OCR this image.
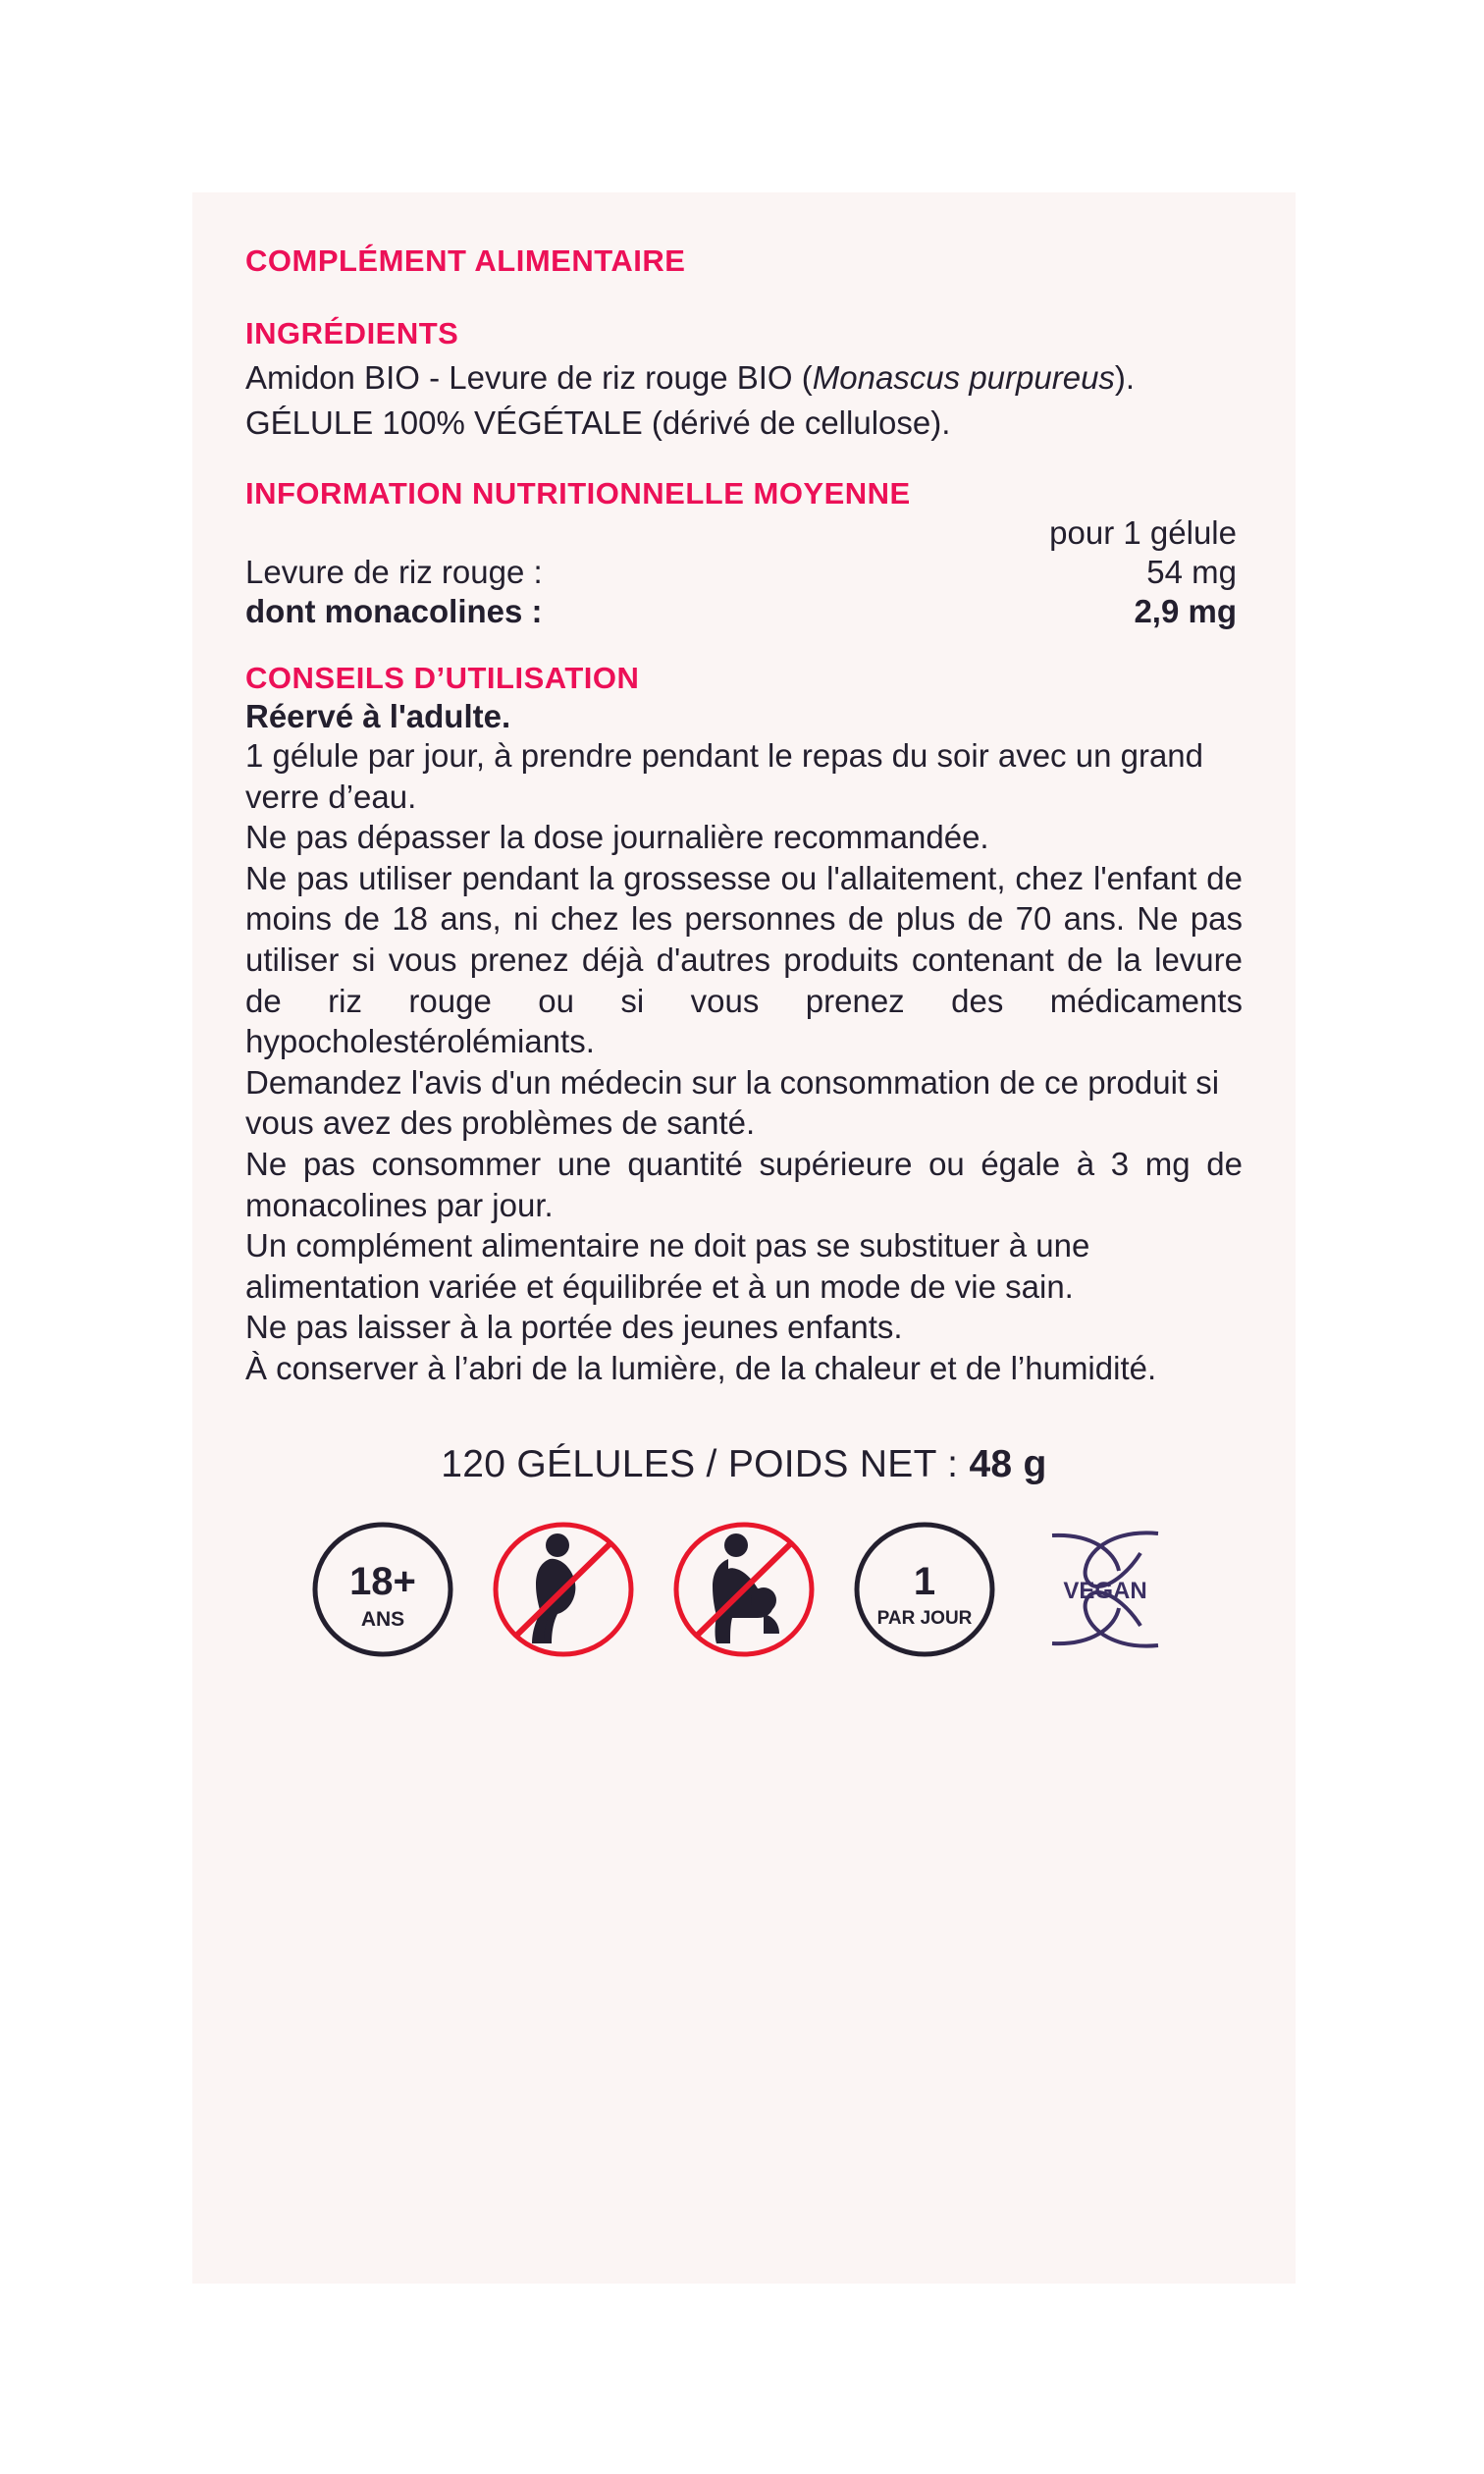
COMPLÉMENT ALIMENTAIRE
INGRÉDIENTS

Amidon BIO - Levure de riz rouge BIO (Monascus purpureus).

GÉLULE 100% VÉGÉTALE (dérivé de cellulose).

INFORMATION NUTRITIONNELLE MOYENNE
	pour 1 gélule
Levure de riz rouge :	54 mg
dont monacolines :	2,9 mg
CONSEILS D’UTILISATION

Réervé à l'adulte.

1 gélule par jour, à prendre pendant le repas du soir avec un grand verre d’eau.

Ne pas dépasser la dose journalière recommandée.

Ne pas utiliser pendant la grossesse ou l'allaitement, chez l'enfant de moins de 18 ans, ni chez les personnes de plus de 70 ans. Ne pas utiliser si vous prenez déjà d'autres produits contenant de la levure de riz rouge ou si vous prenez des médicaments hypocholestérolémiants.

Demandez l'avis d'un médecin sur la consommation de ce produit si vous avez des problèmes de santé.

Ne pas consommer une quantité supérieure ou égale à 3 mg de monacolines par jour.

Un complément alimentaire ne doit pas se substituer à une alimentation variée et équilibrée et à un mode de vie sain.

Ne pas laisser à la portée des jeunes enfants.

À conserver à l’abri de la lumière, de la chaleur et de l’humidité.

120 GÉLULES / POIDS NET : 48 g

18+
ANS
1
PAR JOUR
VEGAN
